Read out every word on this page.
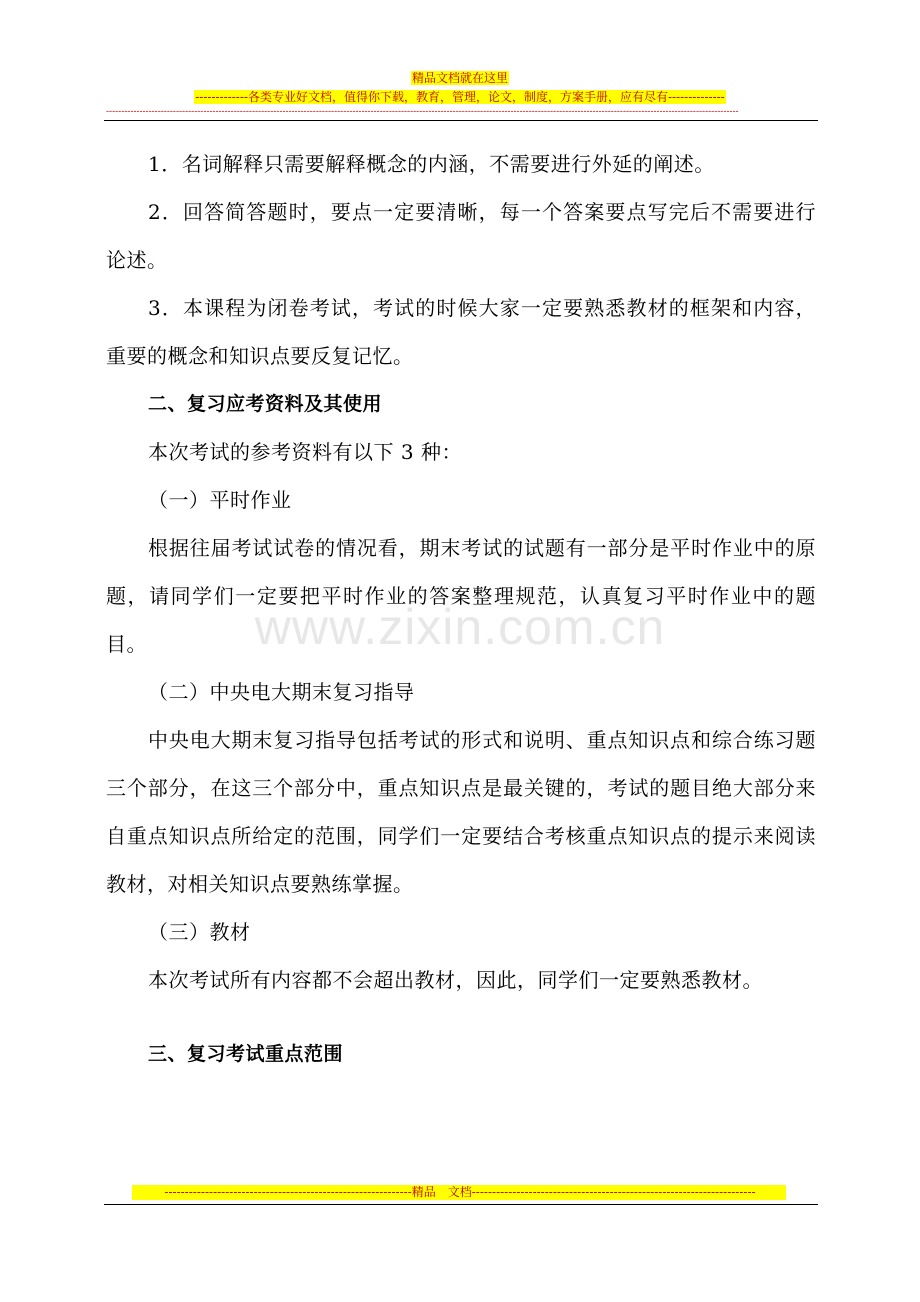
精品文档就在这里
-------------各类专业好文档，值得你下载，教育，管理，论文，制度，方案手册，应有尽有--------------
----------------------------------------------------------------------------------------------------------------------------------------------------------------------------------------------------------------

1．名词解释只需要解释概念的内涵，不需要进行外延的阐述。

2．回答简答题时，要点一定要清晰，每一个答案要点写完后不需要进行论述。

3．本课程为闭卷考试，考试的时候大家一定要熟悉教材的框架和内容，重要的概念和知识点要反复记忆。

二、复习应考资料及其使用

本次考试的参考资料有以下 3 种：

（一）平时作业

根据往届考试试卷的情况看，期末考试的试题有一部分是平时作业中的原题，请同学们一定要把平时作业的答案整理规范，认真复习平时作业中的题目。

（二）中央电大期末复习指导

中央电大期末复习指导包括考试的形式和说明、重点知识点和综合练习题三个部分，在这三个部分中，重点知识点是最关键的，考试的题目绝大部分来自重点知识点所给定的范围，同学们一定要结合考核重点知识点的提示来阅读教材，对相关知识点要熟练掌握。

（三）教材

本次考试所有内容都不会超出教材，因此，同学们一定要熟悉教材。

三、复习考试重点范围

www.zixin.com.cn
-------------------------------------------------------------精品　文档----------------------------------------------------------------------
